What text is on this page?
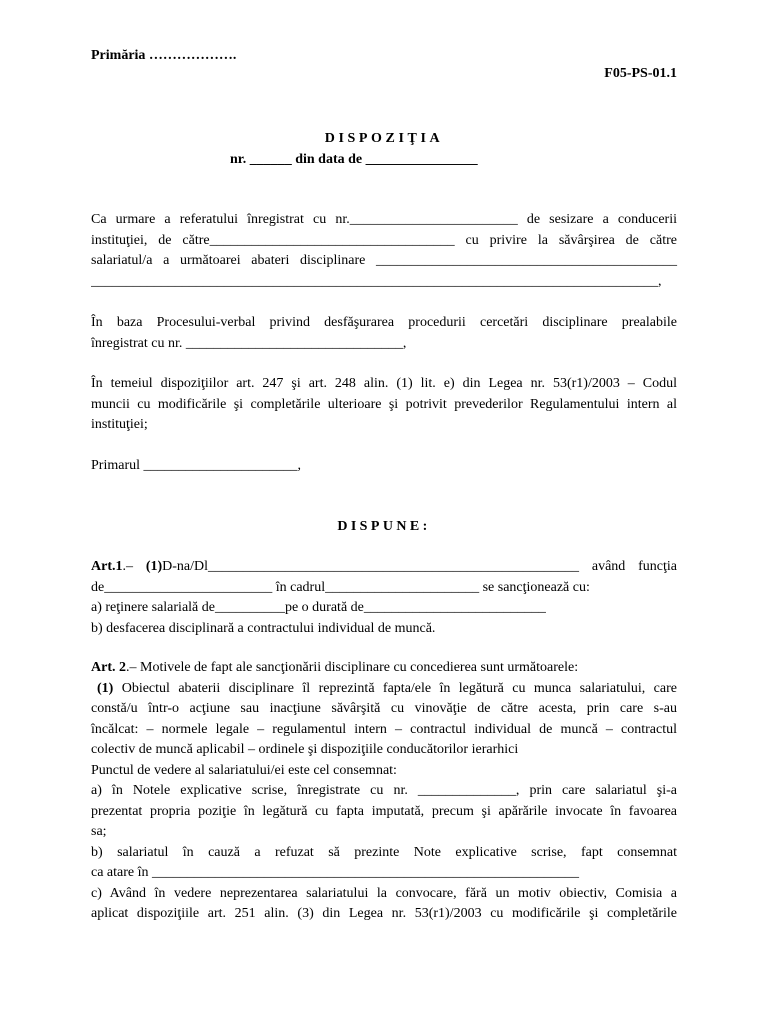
Primăria ……………….
F05-PS-01.1
DISPOZIŢIA
nr. ______ din data de ________________
Ca urmare a referatului înregistrat cu nr.________________________ de sesizare a conducerii
instituţiei, de către___________________________________ cu privire la săvârşirea de către
salariatul/a a următoarei abateri disciplinare ___________________________________________
_________________________________________________________________________________,
În baza Procesului-verbal privind desfăşurarea procedurii cercetări disciplinare prealabile
înregistrat cu nr. _______________________________,
În temeiul dispoziţiilor art. 247 şi art. 248 alin. (1) lit. e) din Legea nr. 53(r1)/2003 – Codul
muncii cu modificările şi completările ulterioare şi potrivit prevederilor Regulamentului intern al
instituţiei;
Primarul ______________________,
DISPUNE:
Art.1.– (1)D-na/Dl_____________________________________________________ având funcţia
de________________________ în cadrul______________________ se sancţionează cu:
a) reţinere salarială de__________pe o durată de__________________________
b) desfacerea disciplinară a contractului individual de muncă.
Art. 2.– Motivele de fapt ale sancţionării disciplinare cu concedierea sunt următoarele:
(1) Obiectul abaterii disciplinare îl reprezintă fapta/ele în legătură cu munca salariatului, care
constă/u într-o acţiune sau inacţiune săvârşită cu vinovăţie de către acesta, prin care s-au
încălcat: – normele legale – regulamentul intern – contractul individual de muncă – contractul
colectiv de muncă aplicabil – ordinele şi dispoziţiile conducătorilor ierarhici
Punctul de vedere al salariatului/ei este cel consemnat:
a) în Notele explicative scrise, înregistrate cu nr. ______________, prin care salariatul şi-a
prezentat propria poziţie în legătură cu fapta imputată, precum şi apărările invocate în favoarea
sa;
b) salariatul în cauză a refuzat să prezinte Note explicative scrise, fapt consemnat
ca atare în _____________________________________________________________
c) Având în vedere neprezentarea salariatului la convocare, fără un motiv obiectiv, Comisia a
aplicat dispoziţiile art. 251 alin. (3) din Legea nr. 53(r1)/2003 cu modificările şi completările
